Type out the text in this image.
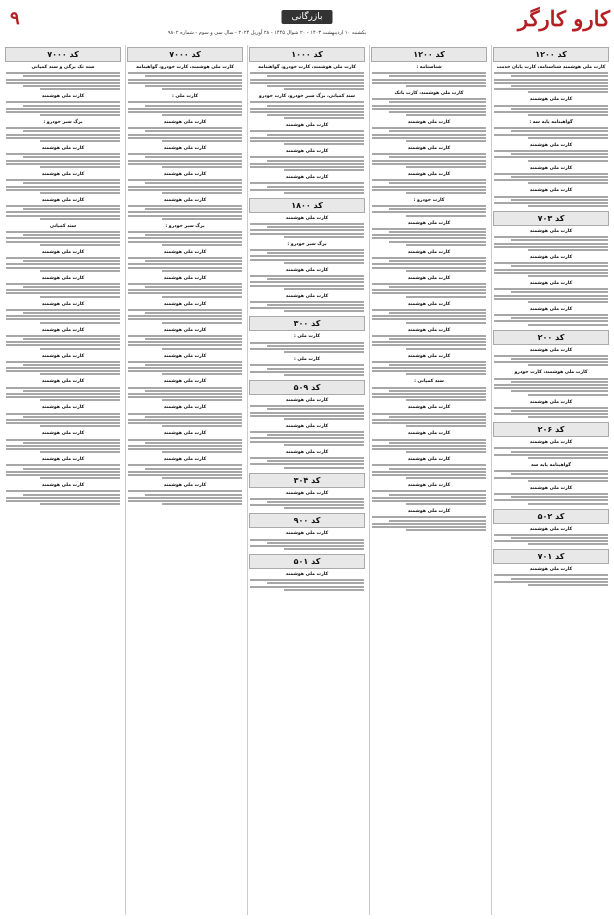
کارو کارگر
۹	بازرگانی
یکشنبه ۱۰ اردیبهشت ۱۴۰۳ - ۲۰ شوال ۱۴۴۵ - ۲۸ آوریل ۲۰۲۴ - سال سی و سوم - شماره ۹۸۰۲
کد ۱۲۰۰
کارت ملی هوشمند شناسنامه، کارت پایان خدمت
کارت ملی هوشمند
گواهینامه پایه سه :
کارت ملی هوشمند
کارت ملی هوشمند
کارت ملی هوشمند
کد ۷۰۳
کارت ملی هوشمند
کارت ملی هوشمند
کارت ملی هوشمند
کارت ملی هوشمند
کد ۲۰۰
کارت ملی هوشمند
کارت ملی هوشمند، کارت خودرو
کارت ملی هوشمند
کد ۲۰۶
کارت ملی هوشمند
گواهینامه پایه سه
کارت ملی هوشمند
کد ۵۰۲
کارت ملی هوشمند
کد ۷۰۱
کارت ملی هوشمند
کد ۱۲۰۰
شناسنامه :
کارت ملی هوشمند، کارت بانک
کارت ملی هوشمند
کارت ملی هوشمند
کارت ملی هوشمند
کارت خودرو :
کارت ملی هوشمند
کارت ملی هوشمند
کارت ملی هوشمند
کارت ملی هوشمند
کارت ملی هوشمند
کارت ملی هوشمند
سند کمپانی :
کارت ملی هوشمند
کارت ملی هوشمند
کارت ملی هوشمند
کارت ملی هوشمند
کارت ملی هوشمند
کد ۱۰۰۰
کارت ملی هوشمند، کارت خودرو، گواهینامه
سند کمپانی، برگ سبز خودرو، کارت خودرو
کارت ملی هوشمند
کارت ملی هوشمند
کارت ملی هوشمند
کد ۱۸۰۰
کارت ملی هوشمند
برگ سبز خودرو :
کارت ملی هوشمند
کارت ملی هوشمند
کد ۳۰۰
کارت ملی :
کارت ملی :
کد ۵۰۹
کارت ملی هوشمند
کارت ملی هوشمند
کارت ملی هوشمند
کد ۳۰۴
کارت ملی هوشمند
کد ۹۰۰
کارت ملی هوشمند
کد ۵۰۱
کارت ملی هوشمند
کد ۷۰۰۰
کارت ملی هوشمند، کارت خودرو، گواهینامه
کارت ملی :
کارت ملی هوشمند
کارت ملی هوشمند
کارت ملی هوشمند
کارت ملی هوشمند
برگ سبز خودرو :
کارت ملی هوشمند
کارت ملی هوشمند
کارت ملی هوشمند
کارت ملی هوشمند
کارت ملی هوشمند
کارت ملی هوشمند
کارت ملی هوشمند
کارت ملی هوشمند
کارت ملی هوشمند
کارت ملی هوشمند
کد ۷۰۰۰
سند تک برگی و سند کمپانی
کارت ملی هوشمند
برگ سبز خودرو :
کارت ملی هوشمند
کارت ملی هوشمند
کارت ملی هوشمند
سند کمپانی
کارت ملی هوشمند
کارت ملی هوشمند
کارت ملی هوشمند
کارت ملی هوشمند
کارت ملی هوشمند
کارت ملی هوشمند
کارت ملی هوشمند
کارت ملی هوشمند
کارت ملی هوشمند
کارت ملی هوشمند
